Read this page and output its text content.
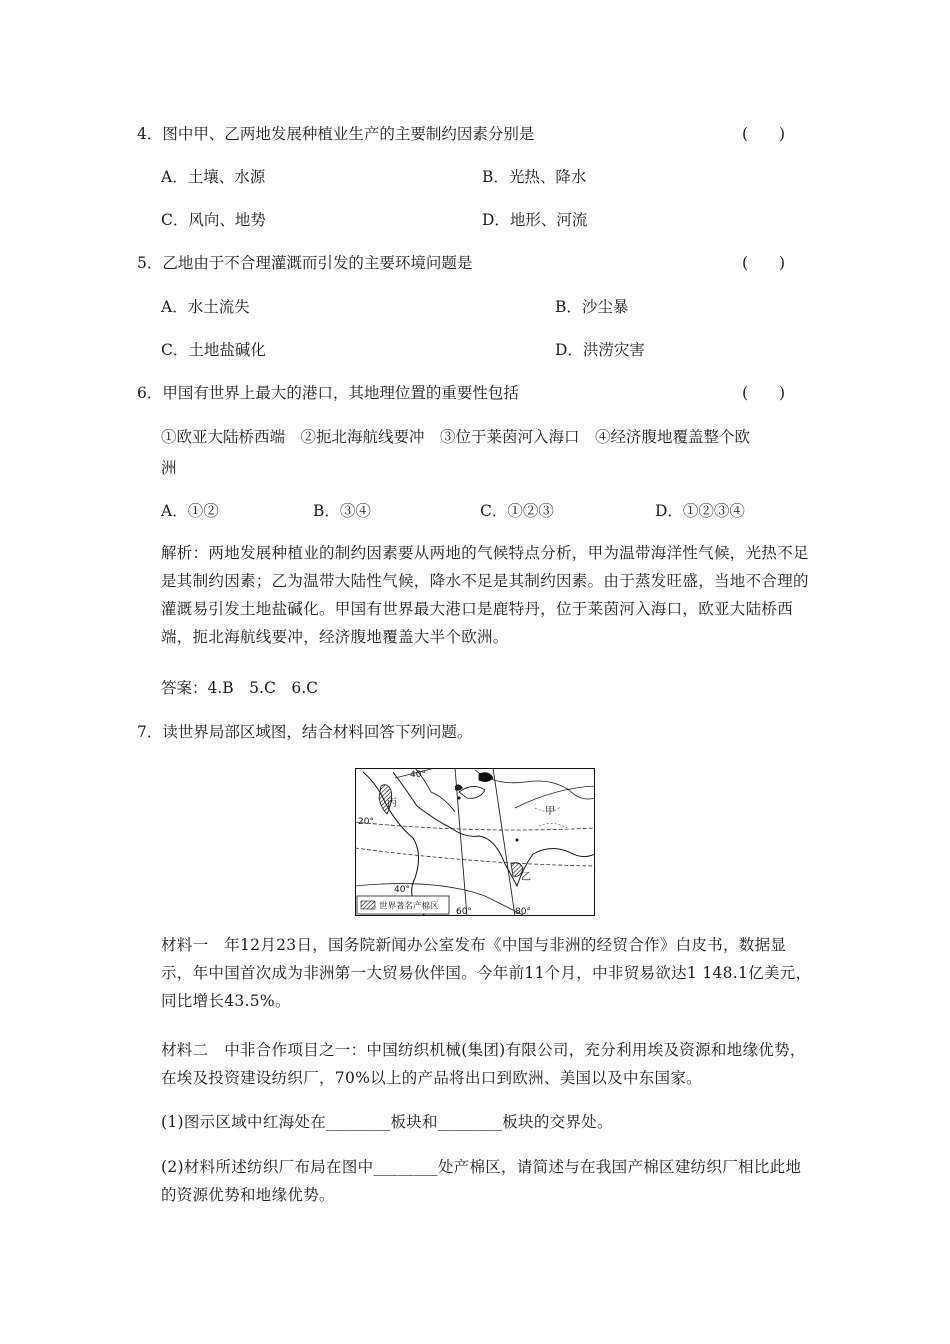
4．图中甲、乙两地发展种植业生产的主要制约因素分别是	(　　)
A．土壤、水源	B．光热、降水
C．风向、地势	D．地形、河流
5．乙地由于不合理灌溉而引发的主要环境问题是	(　　)
A．水土流失	B．沙尘暴
C．土地盐碱化	D．洪涝灾害
6．甲国有世界上最大的港口，其地理位置的重要性包括	(　　)
①欧亚大陆桥西端　②扼北海航线要冲　③位于莱茵河入海口　④经济腹地覆盖整个欧
洲
A．①②	B．③④	C．①②③	D．①②③④
解析：两地发展种植业的制约因素要从两地的气候特点分析，甲为温带海洋性气候，光热不足是其制约因素；乙为温带大陆性气候，降水不足是其制约因素。由于蒸发旺盛，当地不合理的灌溉易引发土地盐碱化。甲国有世界最大港口是鹿特丹，位于莱茵河入海口，欧亚大陆桥西端，扼北海航线要冲，经济腹地覆盖大半个欧洲。
答案：4.B　5.C　6.C
7．读世界局部区域图，结合材料回答下列问题。
40°
20°
40°
60°	80°
丙
甲
乙
世界著名产棉区
材料一　年12月23日，国务院新闻办公室发布《中国与非洲的经贸合作》白皮书，数据显示，年中国首次成为非洲第一大贸易伙伴国。今年前11个月，中非贸易欲达1 148.1亿美元，同比增长43.5%。
材料二　中非合作项目之一：中国纺织机械(集团)有限公司，充分利用埃及资源和地缘优势，在埃及投资建设纺织厂，70%以上的产品将出口到欧洲、美国以及中东国家。
(1)图示区域中红海处在________板块和________板块的交界处。
(2)材料所述纺织厂布局在图中________处产棉区，请简述与在我国产棉区建纺织厂相比此地的资源优势和地缘优势。
